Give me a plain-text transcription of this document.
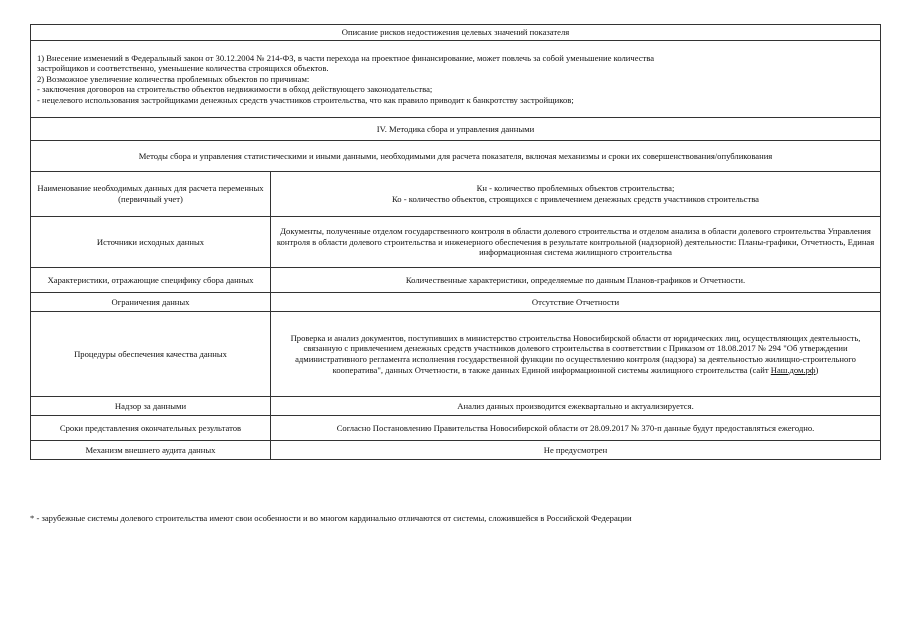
Описание рисков недостижения целевых значений показателя	

1) Внесение изменений в Федеральный закон от 30.12.2004 № 214-ФЗ, в части перехода на проектное финансирование, может повлечь за собой уменьшение количества
застройщиков и соответственно, уменьшение количества строящихся объектов.
2) Возможное увеличение количества проблемных объектов по причинам:
- заключения договоров на строительство объектов недвижимости в обход действующего законодательства;
- нецелевого использования застройщиками денежных средств участников строительства, что как правило приводит к банкротству застройщиков;	

IV. Методика сбора и управления данными	
Методы сбора и управления статистическими и иными данными, необходимыми для расчета показателя, включая механизмы и сроки их совершенствования/опубликования	
Наименование необходимых данных для расчета переменных (первичный учет)	Кн - количество проблемных объектов строительства;
Ко - количество объектов, строящихся с привлечением денежных средств участников строительства

Источники исходных данных	Документы, полученные отделом государственного контроля в области долевого строительства и отделом анализа в области долевого строительства Управления контроля в области долевого строительства и инженерного обеспечения в результате контрольной (надзорной) деятельности: Планы-графики, Отчетность, Единая информационная система жилищного строительства
Характеристики, отражающие специфику сбора данных	Количественные характеристики, определяемые по данным Планов-графиков и Отчетности.
Ограничения данных	Отсутствие Отчетности
Процедуры обеспечения качества данных	Проверка и анализ документов, поступивших в министерство строительства Новосибирской области от юридических лиц, осуществляющих деятельность, связанную с привлечением денежных средств участников долевого строительства в соответствии с Приказом от 18.08.2017 № 294 "Об утверждении административного регламента исполнения государственной функции по осуществлению контроля (надзора) за деятельностью жилищно-строительного кооператива", данных Отчетности, в также данных Единой информационной системы жилищного строительства (сайт Наш.дом.рф)
Надзор за данными	Анализ данных производится ежеквартально и актуализируется.
Сроки представления окончательных результатов	Согласно Постановлению Правительства Новосибирской области от 28.09.2017 № 370-п данные будут предоставляться ежегодно.
Механизм внешнего аудита данных	Не предусмотрен
* - зарубежные системы долевого строительства имеют свои особенности и во многом кардинально отличаются от системы, сложившейся в Российской Федерации
